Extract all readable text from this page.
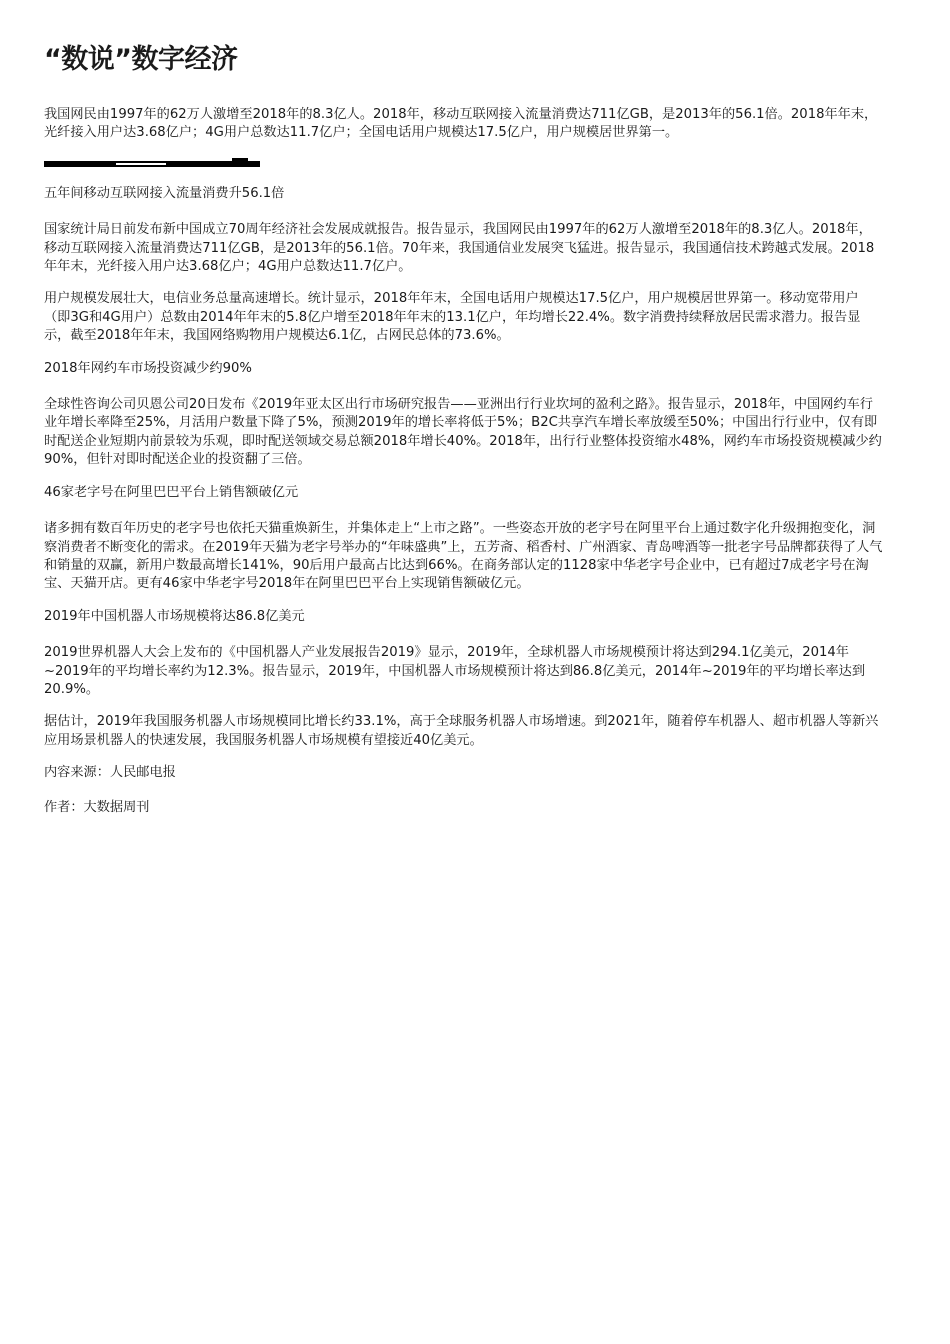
“数说”数字经济

我国网民由1997年的62万人激增至2018年的8.3亿人。2018年，移动互联网接入流量消费达711亿GB，是2013年的56.1倍。2018年年末，光纤接入用户达3.68亿户；4G用户总数达11.7亿户；全国电话用户规模达17.5亿户，用户规模居世界第一。

五年间移动互联网接入流量消费升56.1倍

国家统计局日前发布新中国成立70周年经济社会发展成就报告。报告显示，我国网民由1997年的62万人激增至2018年的8.3亿人。2018年，移动互联网接入流量消费达711亿GB，是2013年的56.1倍。70年来，我国通信业发展突飞猛进。报告显示，我国通信技术跨越式发展。2018年年末，光纤接入用户达3.68亿户；4G用户总数达11.7亿户。

用户规模发展壮大，电信业务总量高速增长。统计显示，2018年年末，全国电话用户规模达17.5亿户，用户规模居世界第一。移动宽带用户（即3G和4G用户）总数由2014年年末的5.8亿户增至2018年年末的13.1亿户，年均增长22.4%。数字消费持续释放居民需求潜力。报告显示，截至2018年年末，我国网络购物用户规模达6.1亿，占网民总体的73.6%。

2018年网约车市场投资减少约90%

全球性咨询公司贝恩公司20日发布《2019年亚太区出行市场研究报告——亚洲出行行业坎坷的盈利之路》。报告显示，2018年，中国网约车行业年增长率降至25%，月活用户数量下降了5%，预测2019年的增长率将低于5%；B2C共享汽车增长率放缓至50%；中国出行行业中，仅有即时配送企业短期内前景较为乐观，即时配送领域交易总额2018年增长40%。2018年，出行行业整体投资缩水48%，网约车市场投资规模减少约90%，但针对即时配送企业的投资翻了三倍。

46家老字号在阿里巴巴平台上销售额破亿元

诸多拥有数百年历史的老字号也依托天猫重焕新生，并集体走上“上市之路”。一些姿态开放的老字号在阿里平台上通过数字化升级拥抱变化，洞察消费者不断变化的需求。在2019年天猫为老字号举办的“年味盛典”上，五芳斋、稻香村、广州酒家、青岛啤酒等一批老字号品牌都获得了人气和销量的双赢，新用户数最高增长141%，90后用户最高占比达到66%。在商务部认定的1128家中华老字号企业中，已有超过7成老字号在淘宝、天猫开店。更有46家中华老字号2018年在阿里巴巴平台上实现销售额破亿元。

2019年中国机器人市场规模将达86.8亿美元

2019世界机器人大会上发布的《中国机器人产业发展报告2019》显示，2019年，全球机器人市场规模预计将达到294.1亿美元，2014年~2019年的平均增长率约为12.3%。报告显示，2019年，中国机器人市场规模预计将达到86.8亿美元，2014年~2019年的平均增长率达到20.9%。

据估计，2019年我国服务机器人市场规模同比增长约33.1%，高于全球服务机器人市场增速。到2021年，随着停车机器人、超市机器人等新兴应用场景机器人的快速发展，我国服务机器人市场规模有望接近40亿美元。

内容来源：人民邮电报

作者：大数据周刊
